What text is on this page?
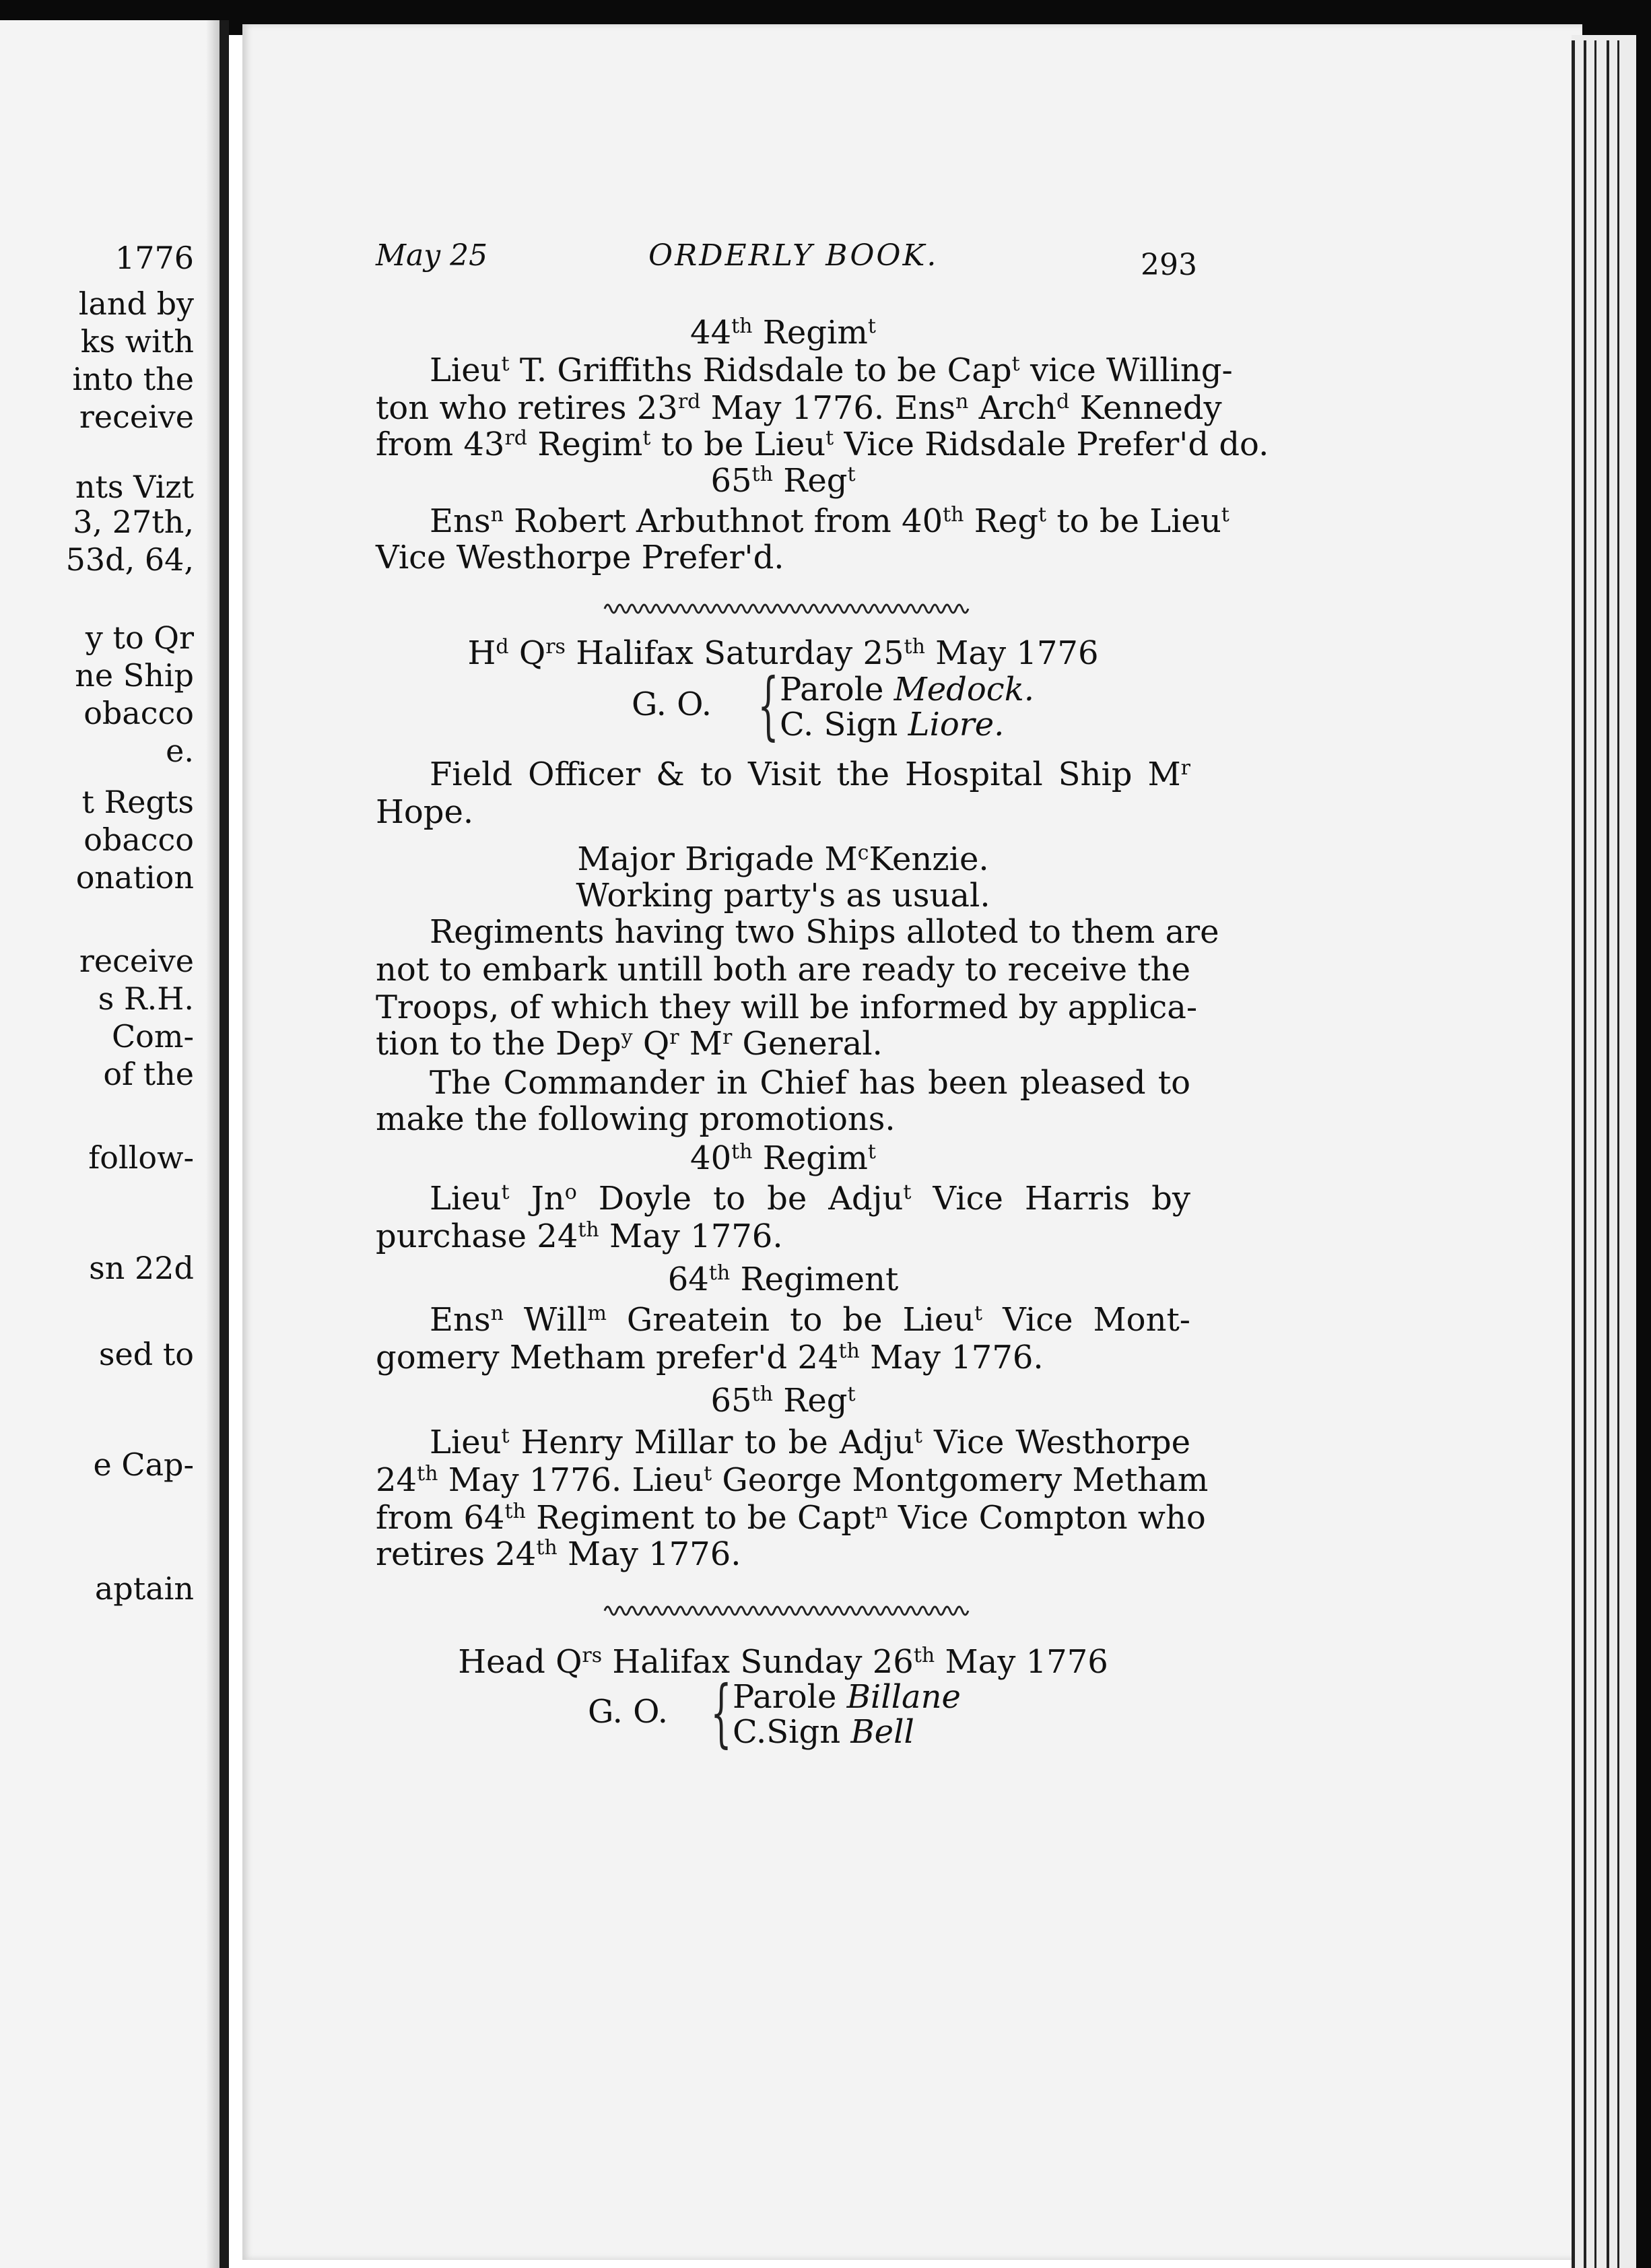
1776
land by
ks with
into the
receive
nts Vizt
3, 27th,
53d, 64,
y to Qr
ne Ship
obacco
e.
t Regts
obacco
onation
receive
s R.H.
Com-
of the
follow-
sn 22d
sed to
e Cap-
aptain
May 25	ORDERLY BOOK.	293
44th Regim$^t$
Lieu$^t$ T. Griffiths Ridsdale to be Cap$^t$ vice Willing-
ton who retires 23rd May 1776. Ens$^n$ Arch$^d$ Kennedy
from 43rd Regim$^t$ to be Lieu$^t$ Vice Ridsdale Prefer'd do.
65th Reg$^t$
Ens$^n$ Robert Arbuthnot from 40th Reg$^t$ to be Lieu$^t$
Vice Westhorpe Prefer'd.
$H^d$ $Q^{rs}$ Halifax Saturday 25th May 1776
G. O. { Parole Medock.
C. Sign Liore.
Field Officer & to Visit the Hospital Ship $M^r$
Hope.
Major Brigade $M^cKenzie$.
Working party's as usual.
Regiments having two Ships alloted to them are
not to embark untill both are ready to receive the
Troops, of which they will be informed by applica-
tion to the Dep$^y$ $Q^r$ $M^r$ General.
The Commander in Chief has been pleased to
make the following promotions.
40th Regim$^t$
Lieu$^t$ Jn$^o$ Doyle to be Adju$^t$ Vice Harris by
purchase 24th May 1776.
64th Regiment
Ens$^n$ Will$^m$ Greatein to be Lieu$^t$ Vice Mont-
gomery Metham prefer'd 24th May 1776.
65th Reg$^t$
Lieu$^t$ Henry Millar to be Adju$^t$ Vice Westhorpe
24th May 1776. Lieu$^t$ George Montgomery Metham
from 64th Regiment to be Capt$^n$ Vice Compton who
retires 24th May 1776.
Head $Q^{rs}$ Halifax Sunday 26th May 1776
G. O. { Parole Billane
C.Sign Bell
